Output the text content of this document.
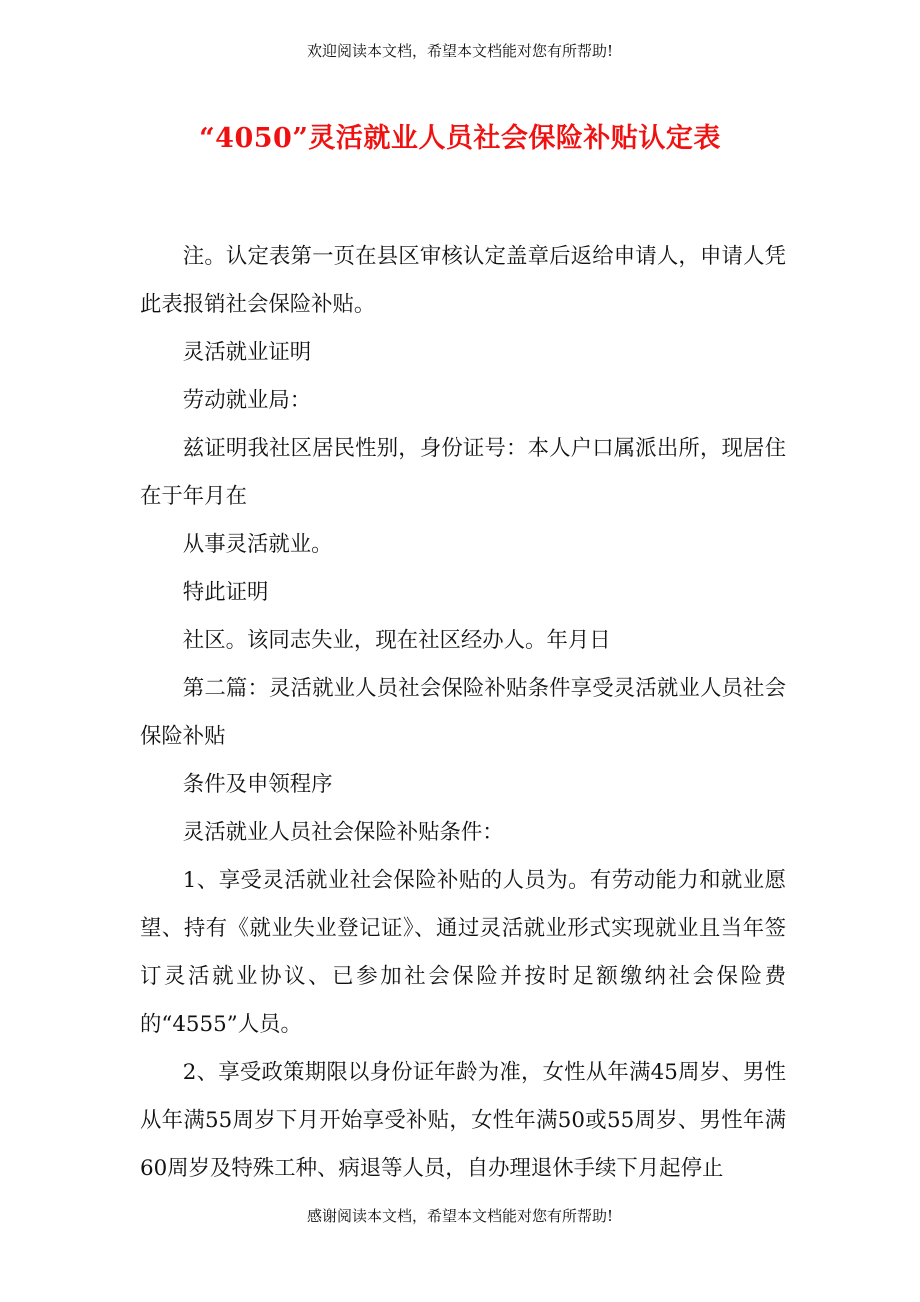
欢迎阅读本文档，希望本文档能对您有所帮助!
“4050”灵活就业人员社会保险补贴认定表

注。认定表第一页在县区审核认定盖章后返给申请人，申请人凭此表报销社会保险补贴。

灵活就业证明

劳动就业局：

兹证明我社区居民性别，身份证号：本人户口属派出所，现居住在于年月在

从事灵活就业。

特此证明

社区。该同志失业，现在社区经办人。年月日

第二篇：灵活就业人员社会保险补贴条件享受灵活就业人员社会保险补贴

条件及申领程序

灵活就业人员社会保险补贴条件：

1、享受灵活就业社会保险补贴的人员为。有劳动能力和就业愿望、持有《就业失业登记证》、通过灵活就业形式实现就业且当年签订灵活就业协议、已参加社会保险并按时足额缴纳社会保险费的“4555”人员。

2、享受政策期限以身份证年龄为准，女性从年满45周岁、男性从年满55周岁下月开始享受补贴，女性年满50或55周岁、男性年满60周岁及特殊工种、病退等人员，自办理退休手续下月起停止

感谢阅读本文档，希望本文档能对您有所帮助!
